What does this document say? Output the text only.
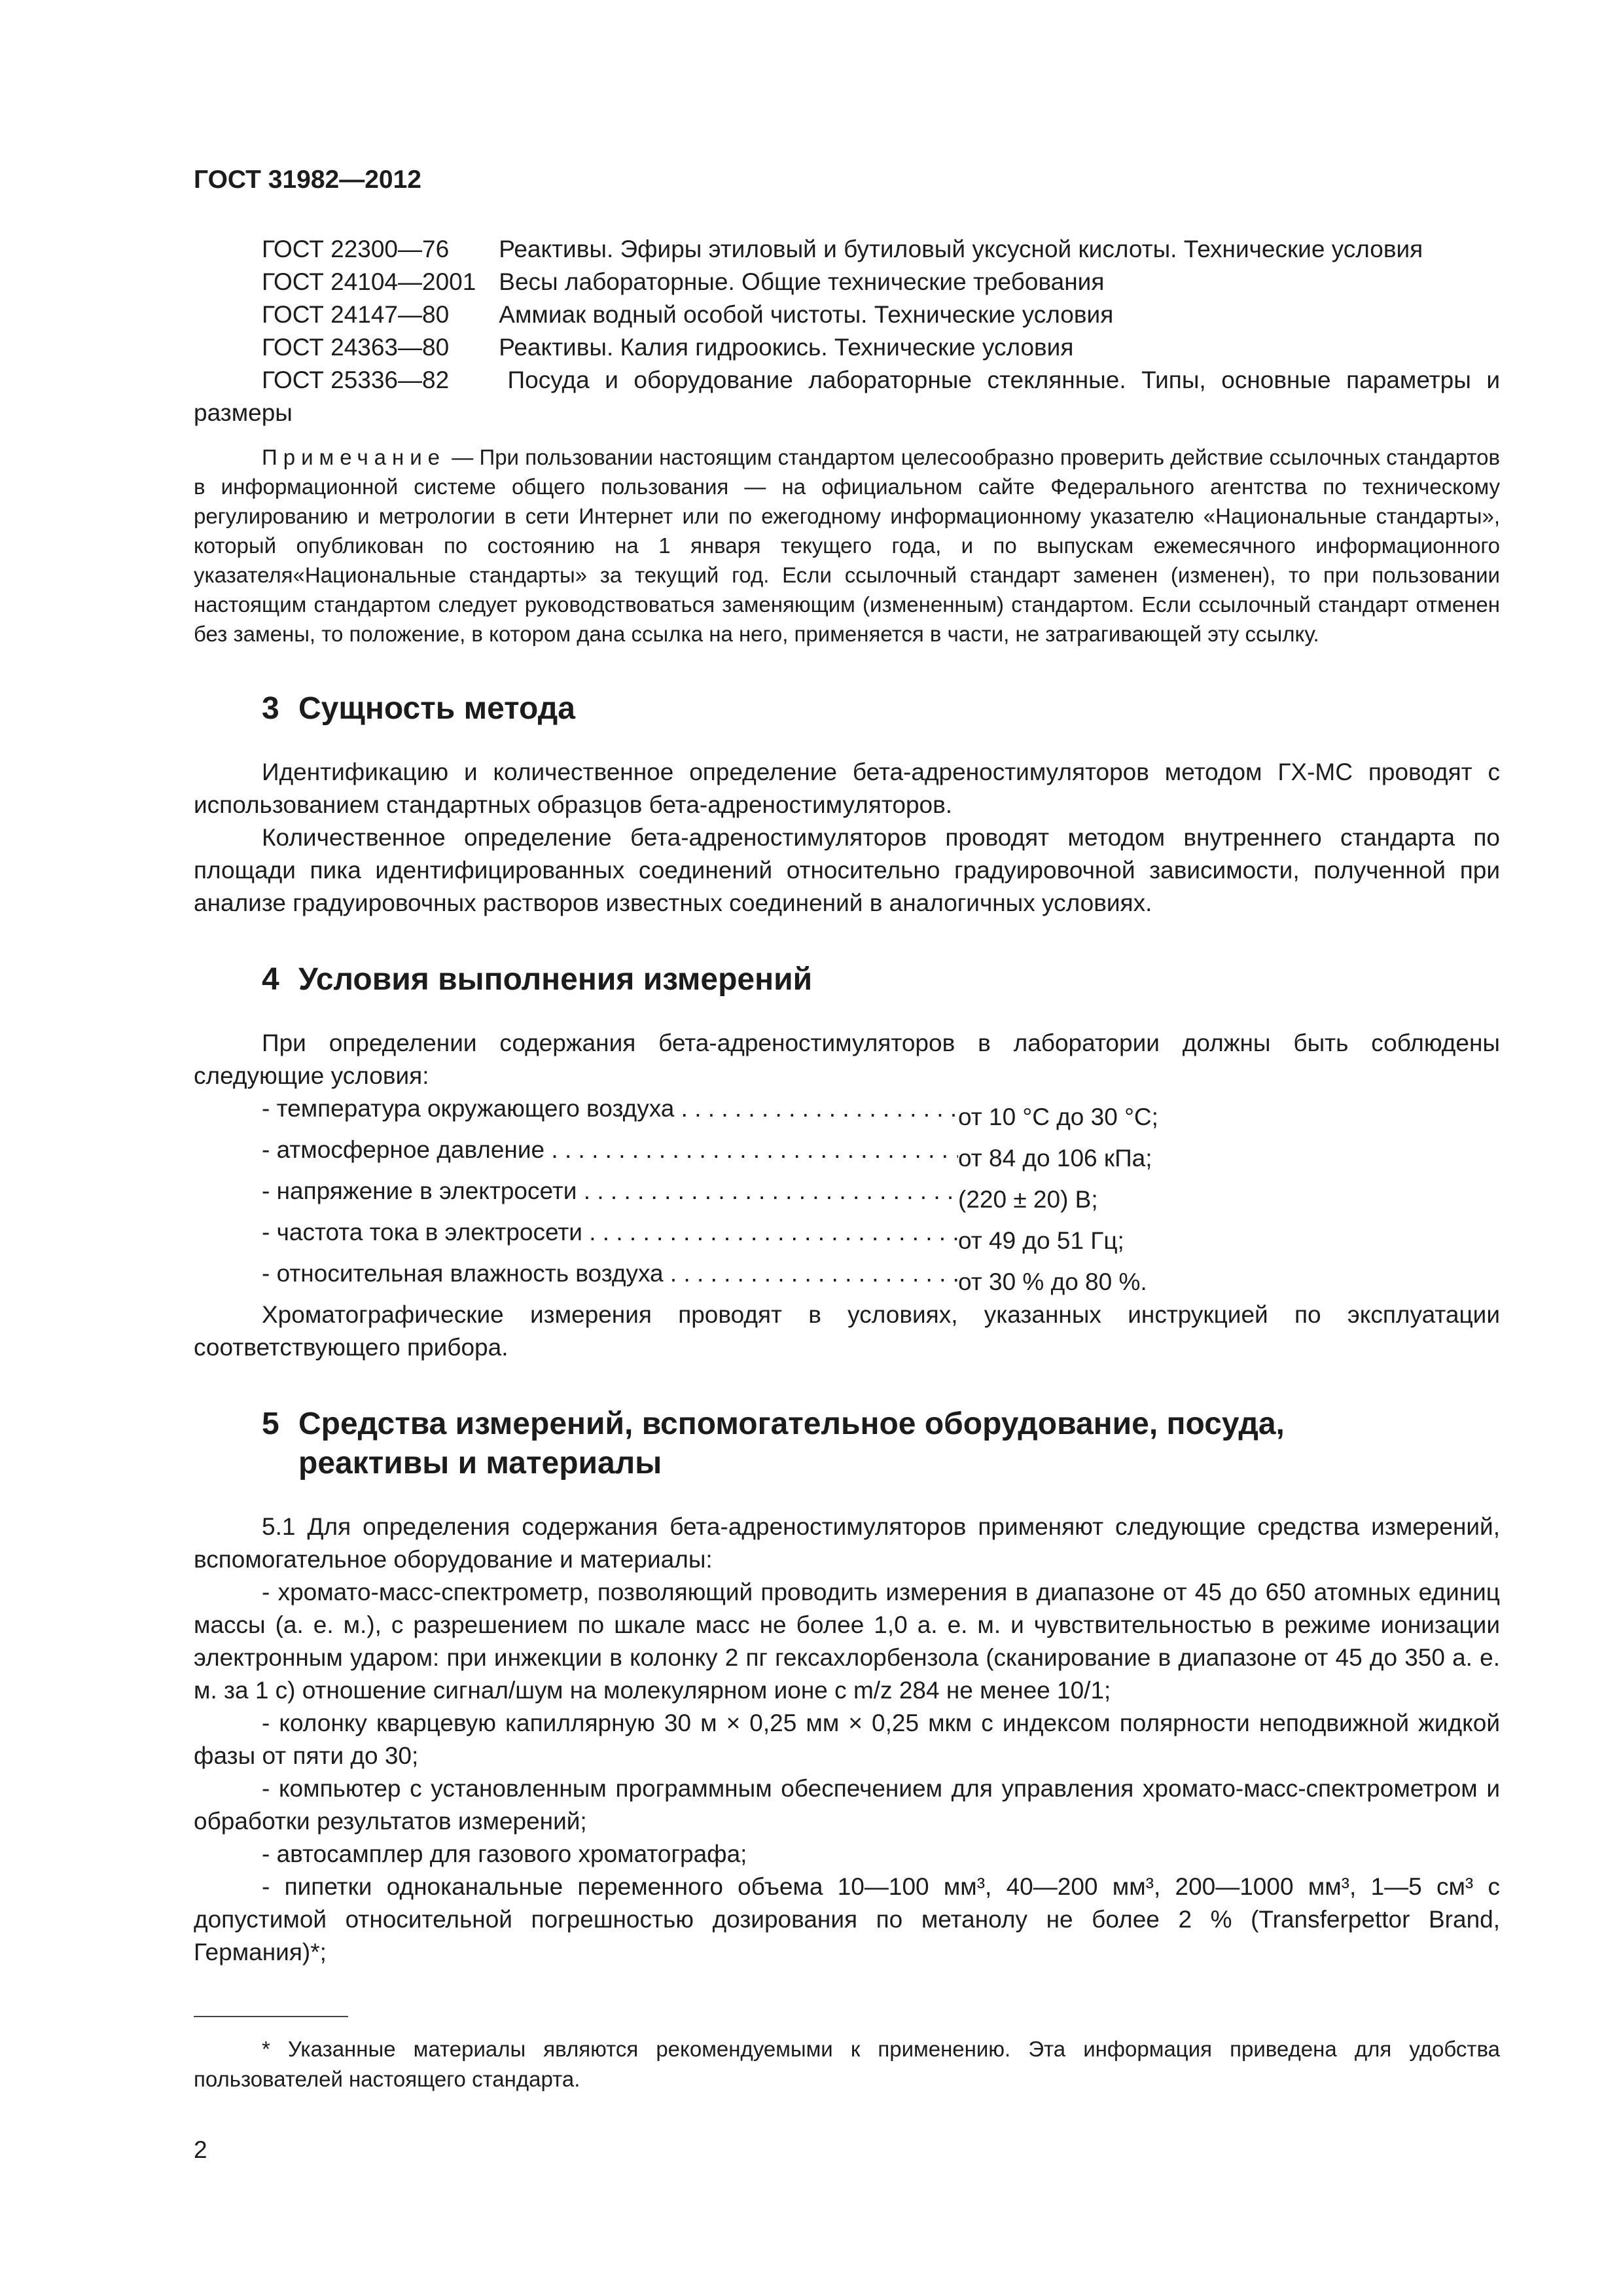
ГОСТ 31982—2012

ГОСТ 22300—76 Реактивы. Эфиры этиловый и бутиловый уксусной кислоты. Технические условия

ГОСТ 24104—2001 Весы лабораторные. Общие технические требования

ГОСТ 24147—80 Аммиак водный особой чистоты. Технические условия

ГОСТ 24363—80 Реактивы. Калия гидроокись. Технические условия

ГОСТ 25336—82 Посуда и оборудование лабораторные стеклянные. Типы, основные параметры и размеры

Примечание — При пользовании настоящим стандартом целесообразно проверить действие ссылочных стандартов в информационной системе общего пользования — на официальном сайте Федерального агентства по техническому регулированию и метрологии в сети Интернет или по ежегодному информационному указателю «Национальные стандарты», который опубликован по состоянию на 1 января текущего года, и по выпускам ежемесячного информационного указателя«Национальные стандарты» за текущий год. Если ссылочный стандарт заменен (изменен), то при пользовании настоящим стандартом следует руководствоваться заменяющим (измененным) стандартом. Если ссылочный стандарт отменен без замены, то положение, в котором дана ссылка на него, применяется в части, не затрагивающей эту ссылку.

3 Сущность метода

Идентификацию и количественное определение бета-адреностимуляторов методом ГХ-МС проводят с использованием стандартных образцов бета-адреностимуляторов.

Количественное определение бета-адреностимуляторов проводят методом внутреннего стандарта по площади пика идентифицированных соединений относительно градуировочной зависимости, полученной при анализе градуировочных растворов известных соединений в аналогичных условиях.

4 Условия выполнения измерений

При определении содержания бета-адреностимуляторов в лаборатории должны быть соблюдены следующие условия:

- температура окружающего воздуха . . .	от 10 °С до 30 °С;

- атмосферное давление . . .	от 84 до 106 кПа;

- напряжение в электросети . . .	(220 ± 20) В;

- частота тока в электросети . . .	от 49 до 51 Гц;

- относительная влажность воздуха . . .	от 30 % до 80 %.

Хроматографические измерения проводят в условиях, указанных инструкцией по эксплуатации соответствующего прибора.

5 Средства измерений, вспомогательное оборудование, посуда, реактивы и материалы

5.1 Для определения содержания бета-адреностимуляторов применяют следующие средства измерений, вспомогательное оборудование и материалы:

- хромато-масс-спектрометр, позволяющий проводить измерения в диапазоне от 45 до 650 атомных единиц массы (а. е. м.), с разрешением по шкале масс не более 1,0 а. е. м. и чувствительностью в режиме ионизации электронным ударом: при инжекции в колонку 2 пг гексахлорбензола (сканирование в диапазоне от 45 до 350 а. е. м. за 1 с) отношение сигнал/шум на молекулярном ионе с m/z 284 не менее 10/1;

- колонку кварцевую капиллярную 30 м × 0,25 мм × 0,25 мкм с индексом полярности неподвижной жидкой фазы от пяти до 30;

- компьютер с установленным программным обеспечением для управления хромато-масс-спектрометром и обработки результатов измерений;

- автосамплер для газового хроматографа;

- пипетки одноканальные переменного объема 10—100 мм³, 40—200 мм³, 200—1000 мм³, 1—5 см³ с допустимой относительной погрешностью дозирования по метанолу не более 2 % (Transferpettor Brand, Германия)*;

* Указанные материалы являются рекомендуемыми к применению. Эта информация приведена для удобства пользователей настоящего стандарта.

2
